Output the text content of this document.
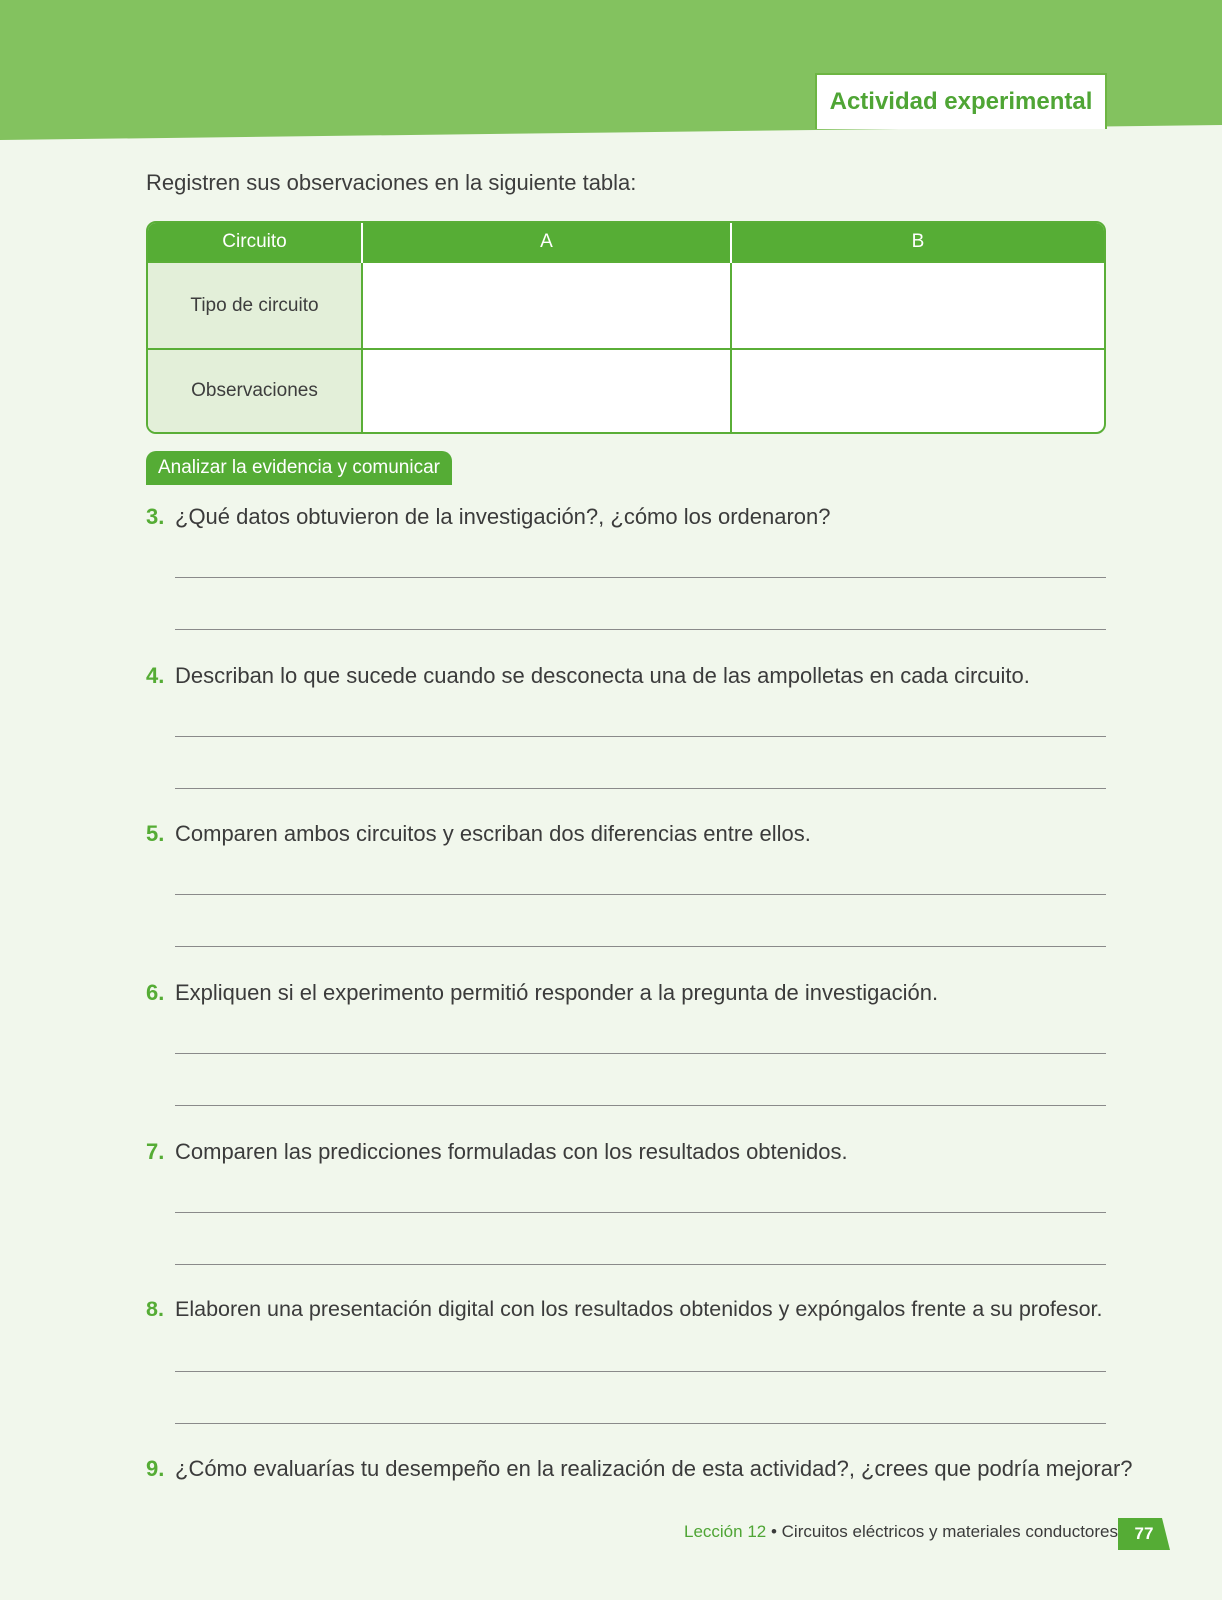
Actividad experimental
Registren sus observaciones en la siguiente tabla:
Circuito	A	B
Tipo de circuito		
Observaciones		
Analizar la evidencia y comunicar
3. ¿Qué datos obtuvieron de la investigación?, ¿cómo los ordenaron?
4. Describan lo que sucede cuando se desconecta una de las ampolletas en cada circuito.
5. Comparen ambos circuitos y escriban dos diferencias entre ellos.
6. Expliquen si el experimento permitió responder a la pregunta de investigación.
7. Comparen las predicciones formuladas con los resultados obtenidos.
8. Elaboren una presentación digital con los resultados obtenidos y expóngalos frente a su profesor.
9. ¿Cómo evaluarías tu desempeño en la realización de esta actividad?, ¿crees que podría mejorar?
Lección 12 • Circuitos eléctricos y materiales conductores 77
